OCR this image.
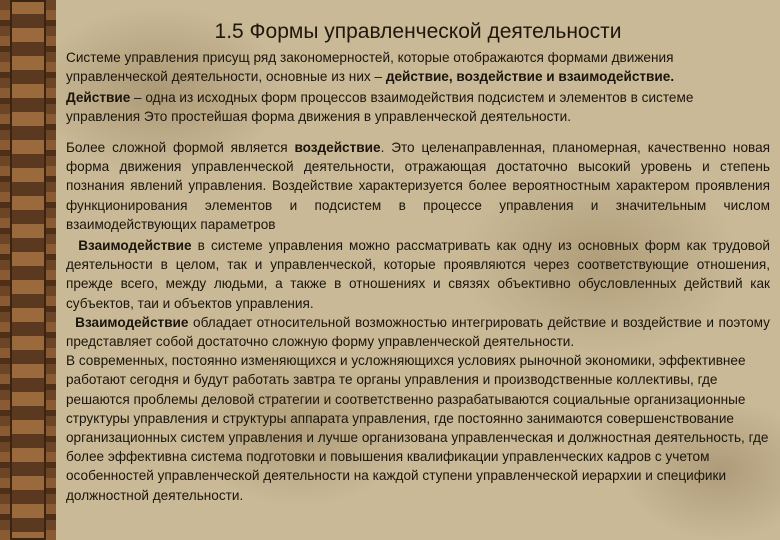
1.5 Формы управленческой деятельности

Системе управления присущ ряд закономерностей, которые отображаются формами движения управленческой деятельности, основные из них – действие, воздействие и взаимодействие.

Действие – одна из исходных форм процессов взаимодействия подсистем и элементов в системе управления Это простейшая форма движения в управленческой деятельности.

Более сложной формой является воздействие. Это целенаправленная, планомерная, качественно новая форма движения управленческой деятельности, отражающая достаточно высокий уровень и степень познания явлений управления. Воздействие характеризуется более вероятностным характером проявления функционирования элементов и подсистем в процессе управления и значительным числом взаимодействующих параметров

Взаимодействие в системе управления можно рассматривать как одну из основных форм как трудовой деятельности в целом, так и управленческой, которые проявляются через соответствующие отношения, прежде всего, между людьми, а также в отношениях и связях объективно обусловленных действий как субъектов, таи и объектов управления.

Взаимодействие обладает относительной возможностью интегрировать действие и воздействие и поэтому представляет собой достаточно сложную форму управленческой деятельности.

В современных, постоянно изменяющихся и усложняющихся условиях рыночной экономики, эффективнее работают сегодня и будут работать завтра те органы управления и производственные коллективы, где решаются проблемы деловой стратегии и соответственно разрабатываются социальные организационные структуры управления и структуры аппарата управления, где постоянно занимаются совершенствование организационных систем управления и лучше организована управленческая и должностная деятельность, где более эффективна система подготовки и повышения квалификации управленческих кадров с учетом особенностей управленческой деятельности на каждой ступени управленческой иерархии и специфики должностной деятельности.
